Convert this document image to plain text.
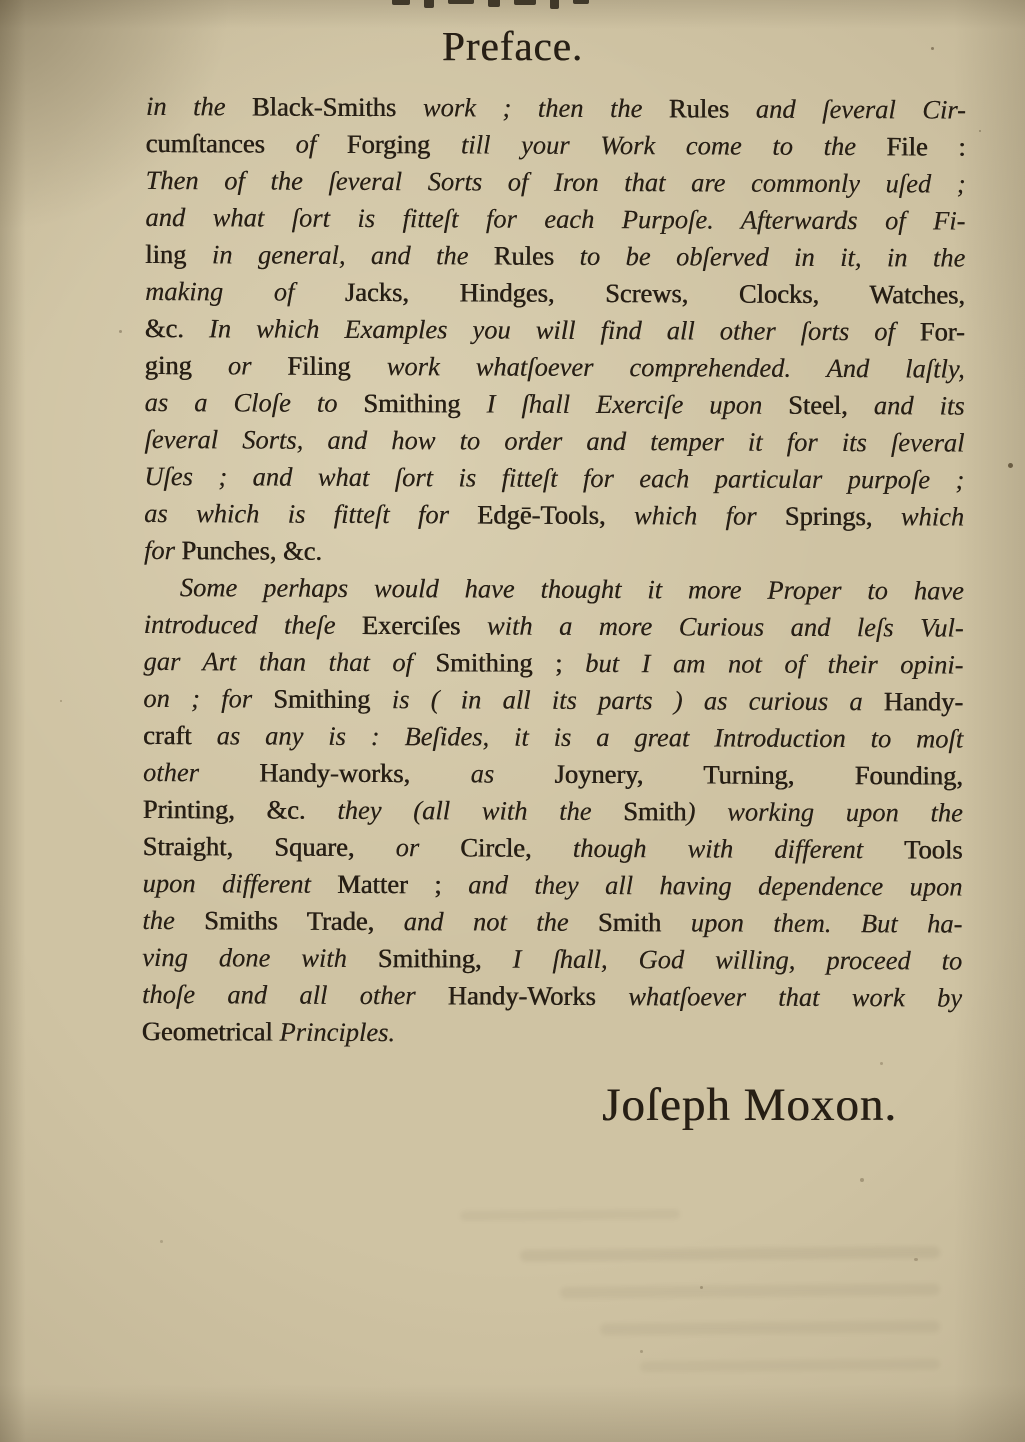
Preface.
in the Black-Smiths work ; then the Rules and ſeveral Cir-
cumſtances of Forging till your Work come to the File :
Then of the ſeveral Sorts of Iron that are commonly uſed ;
and what ſort is fitteſt for each Purpoſe. Afterwards of Fi-
ling in general, and the Rules to be obſerved in it, in the
making of Jacks, Hindges, Screws, Clocks, Watches,
&c. In which Examples you will find all other ſorts of For-
ging or Filing work whatſoever comprehended. And laſtly,
as a Cloſe to Smithing I ſhall Exerciſe upon Steel, and its
ſeveral Sorts, and how to order and temper it for its ſeveral
Uſes ; and what ſort is fitteſt for each particular purpoſe ;
as which is fitteſt for Edgē-Tools, which for Springs, which
for Punches, &c.
Some perhaps would have thought it more Proper to have
introduced theſe Exerciſes with a more Curious and leſs Vul-
gar Art than that of Smithing ; but I am not of their opini-
on ; for Smithing is ( in all its parts ) as curious a Handy-
craft as any is : Beſides, it is a great Introduction to moſt
other Handy-works, as Joynery, Turning, Founding,
Printing, &c. they (all with the Smith) working upon the
Straight, Square, or Circle, though with different Tools
upon different Matter ; and they all having dependence upon
the Smiths Trade, and not the Smith upon them. But ha-
ving done with Smithing, I ſhall, God willing, proceed to
thoſe and all other Handy-Works whatſoever that work by
Geometrical Principles.
Joſeph Moxon.
